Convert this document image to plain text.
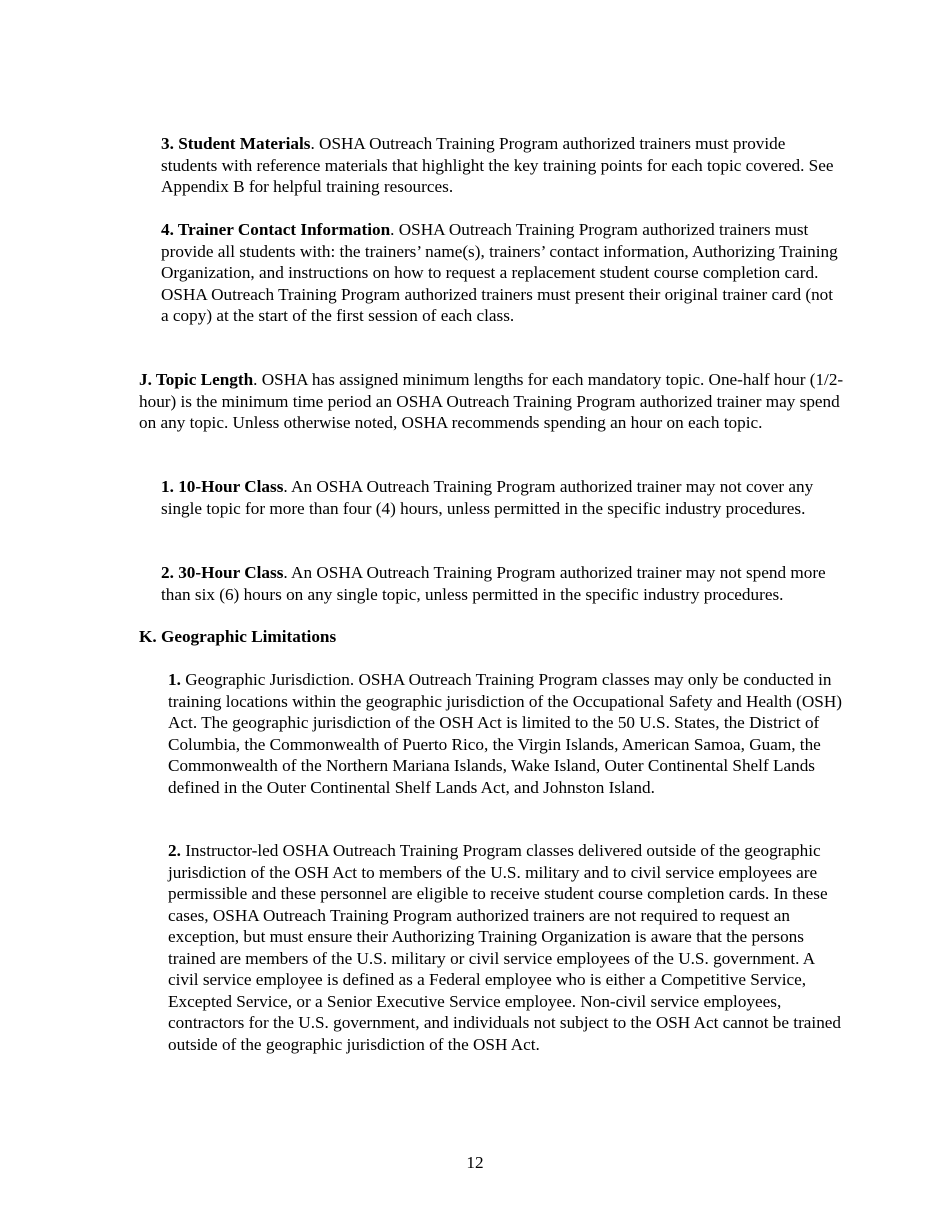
3. Student Materials. OSHA Outreach Training Program authorized trainers must provide students with reference materials that highlight the key training points for each topic covered. See Appendix B for helpful training resources.

4. Trainer Contact Information. OSHA Outreach Training Program authorized trainers must provide all students with: the trainers’ name(s), trainers’ contact information, Authorizing Training Organization, and instructions on how to request a replacement student course completion card. OSHA Outreach Training Program authorized trainers must present their original trainer card (not a copy) at the start of the first session of each class.

J. Topic Length. OSHA has assigned minimum lengths for each mandatory topic. One-half hour (1/2-hour) is the minimum time period an OSHA Outreach Training Program authorized trainer may spend on any topic. Unless otherwise noted, OSHA recommends spending an hour on each topic.

1. 10-Hour Class. An OSHA Outreach Training Program authorized trainer may not cover any single topic for more than four (4) hours, unless permitted in the specific industry procedures.

2. 30-Hour Class. An OSHA Outreach Training Program authorized trainer may not spend more than six (6) hours on any single topic, unless permitted in the specific industry procedures.

K. Geographic Limitations

1. Geographic Jurisdiction. OSHA Outreach Training Program classes may only be conducted in training locations within the geographic jurisdiction of the Occupational Safety and Health (OSH) Act. The geographic jurisdiction of the OSH Act is limited to the 50 U.S. States, the District of Columbia, the Commonwealth of Puerto Rico, the Virgin Islands, American Samoa, Guam, the Commonwealth of the Northern Mariana Islands, Wake Island, Outer Continental Shelf Lands defined in the Outer Continental Shelf Lands Act, and Johnston Island.

2. Instructor-led OSHA Outreach Training Program classes delivered outside of the geographic jurisdiction of the OSH Act to members of the U.S. military and to civil service employees are permissible and these personnel are eligible to receive student course completion cards. In these cases, OSHA Outreach Training Program authorized trainers are not required to request an exception, but must ensure their Authorizing Training Organization is aware that the persons trained are members of the U.S. military or civil service employees of the U.S. government. A civil service employee is defined as a Federal employee who is either a Competitive Service, Excepted Service, or a Senior Executive Service employee. Non-civil service employees, contractors for the U.S. government, and individuals not subject to the OSH Act cannot be trained outside of the geographic jurisdiction of the OSH Act.

12
